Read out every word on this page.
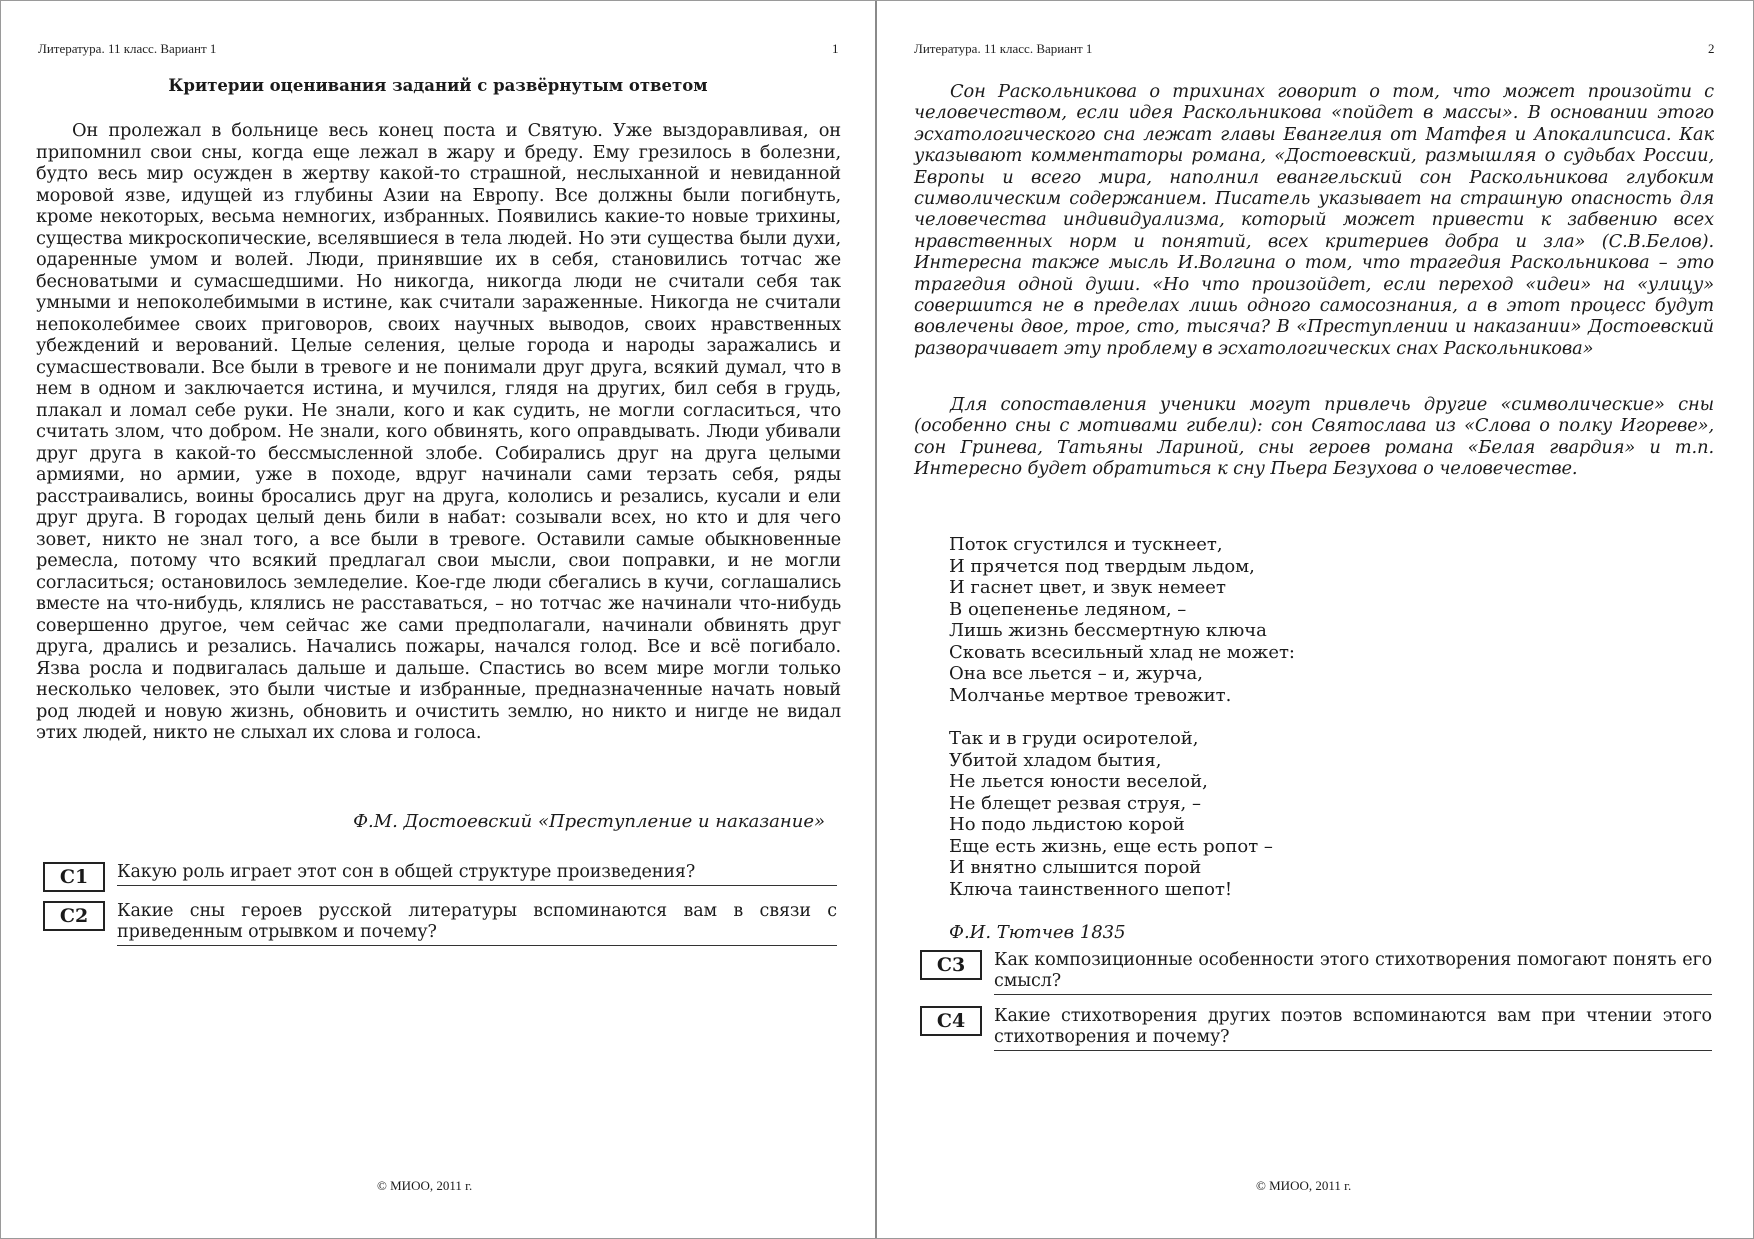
Литература. 11 класс. Вариант 1	1
Критерии оценивания заданий с развёрнутым ответом

Он пролежал в больнице весь конец поста и Святую. Уже выздоравливая, он припомнил свои сны, когда еще лежал в жару и бреду. Ему грезилось в болезни, будто весь мир осужден в жертву какой-то страшной, неслыханной и невиданной моровой язве, идущей из глубины Азии на Европу. Все должны были погибнуть, кроме некоторых, весьма немногих, избранных. Появились какие-то новые трихины, существа микроскопические, вселявшиеся в тела людей. Но эти существа были духи, одаренные умом и волей. Люди, принявшие их в себя, становились тотчас же бесноватыми и сумасшедшими. Но никогда, никогда люди не считали себя так умными и непоколебимыми в истине, как считали зараженные. Никогда не считали непоколебимее своих приговоров, своих научных выводов, своих нравственных убеждений и верований. Целые селения, целые города и народы заражались и сумасшествовали. Все были в тревоге и не понимали друг друга, всякий думал, что в нем в одном и заключается истина, и мучился, глядя на других, бил себя в грудь, плакал и ломал себе руки. Не знали, кого и как судить, не могли согласиться, что считать злом, что добром. Не знали, кого обвинять, кого оправдывать. Люди убивали друг друга в какой-то бессмысленной злобе. Собирались друг на друга целыми армиями, но армии, уже в походе, вдруг начинали сами терзать себя, ряды расстраивались, воины бросались друг на друга, кололись и резались, кусали и ели друг друга. В городах целый день били в набат: созывали всех, но кто и для чего зовет, никто не знал того, а все были в тревоге. Оставили самые обыкновенные ремесла, потому что всякий предлагал свои мысли, свои поправки, и не могли согласиться; остановилось земледелие. Кое-где люди сбегались в кучи, соглашались вместе на что-нибудь, клялись не расставаться, – но тотчас же начинали что-нибудь совершенно другое, чем сейчас же сами предполагали, начинали обвинять друг друга, дрались и резались. Начались пожары, начался голод. Все и всё погибало. Язва росла и подвигалась дальше и дальше. Спастись во всем мире могли только несколько человек, это были чистые и избранные, предназначенные начать новый род людей и новую жизнь, обновить и очистить землю, но никто и нигде не видал этих людей, никто не слыхал их слова и голоса.

Ф.М. Достоевский «Преступление и наказание»
С1	Какую роль играет этот сон в общей структуре произведения?
С2	Какие сны героев русской литературы вспоминаются вам в связи с приведенным отрывком и почему?
© МИОО, 2011 г.
Литература. 11 класс. Вариант 1	2

Сон Раскольникова о трихинах говорит о том, что может произойти с человечеством, если идея Раскольникова «пойдет в массы». В основании этого эсхатологического сна лежат главы Евангелия от Матфея и Апокалипсиса. Как указывают комментаторы романа, «Достоевский, размышляя о судьбах России, Европы и всего мира, наполнил евангельский сон Раскольникова глубоким символическим содержанием. Писатель указывает на страшную опасность для человечества индивидуализма, который может привести к забвению всех нравственных норм и понятий, всех критериев добра и зла» (С.В.Белов). Интересна также мысль И.Волгина о том, что трагедия Раскольникова – это трагедия одной души. «Но что произойдет, если переход «идеи» на «улицу» совершится не в пределах лишь одного самосознания, а в этот процесс будут вовлечены двое, трое, сто, тысяча? В «Преступлении и наказании» Достоевский разворачивает эту проблему в эсхатологических снах Раскольникова»

Для сопоставления ученики могут привлечь другие «символические» сны (особенно сны с мотивами гибели): сон Святослава из «Слова о полку Игореве», сон Гринева, Татьяны Лариной, сны героев романа «Белая гвардия» и т.п. Интересно будет обратиться к сну Пьера Безухова о человечестве.

Поток сгустился и тускнеет,
И прячется под твердым льдом,
И гаснет цвет, и звук немеет
В оцепененье ледяном, –
Лишь жизнь бессмертную ключа
Сковать всесильный хлад не может:
Она все льется – и, журча,
Молчанье мертвое тревожит.
Так и в груди осиротелой,
Убитой хладом бытия,
Не льется юности веселой,
Не блещет резвая струя, –
Но подо льдистою корой
Еще есть жизнь, еще есть ропот –
И внятно слышится порой
Ключа таинственного шепот!
Ф.И. Тютчев 1835
С3	Как композиционные особенности этого стихотворения помогают понять его смысл?
С4	Какие стихотворения других поэтов вспоминаются вам при чтении этого стихотворения и почему?
© МИОО, 2011 г.
